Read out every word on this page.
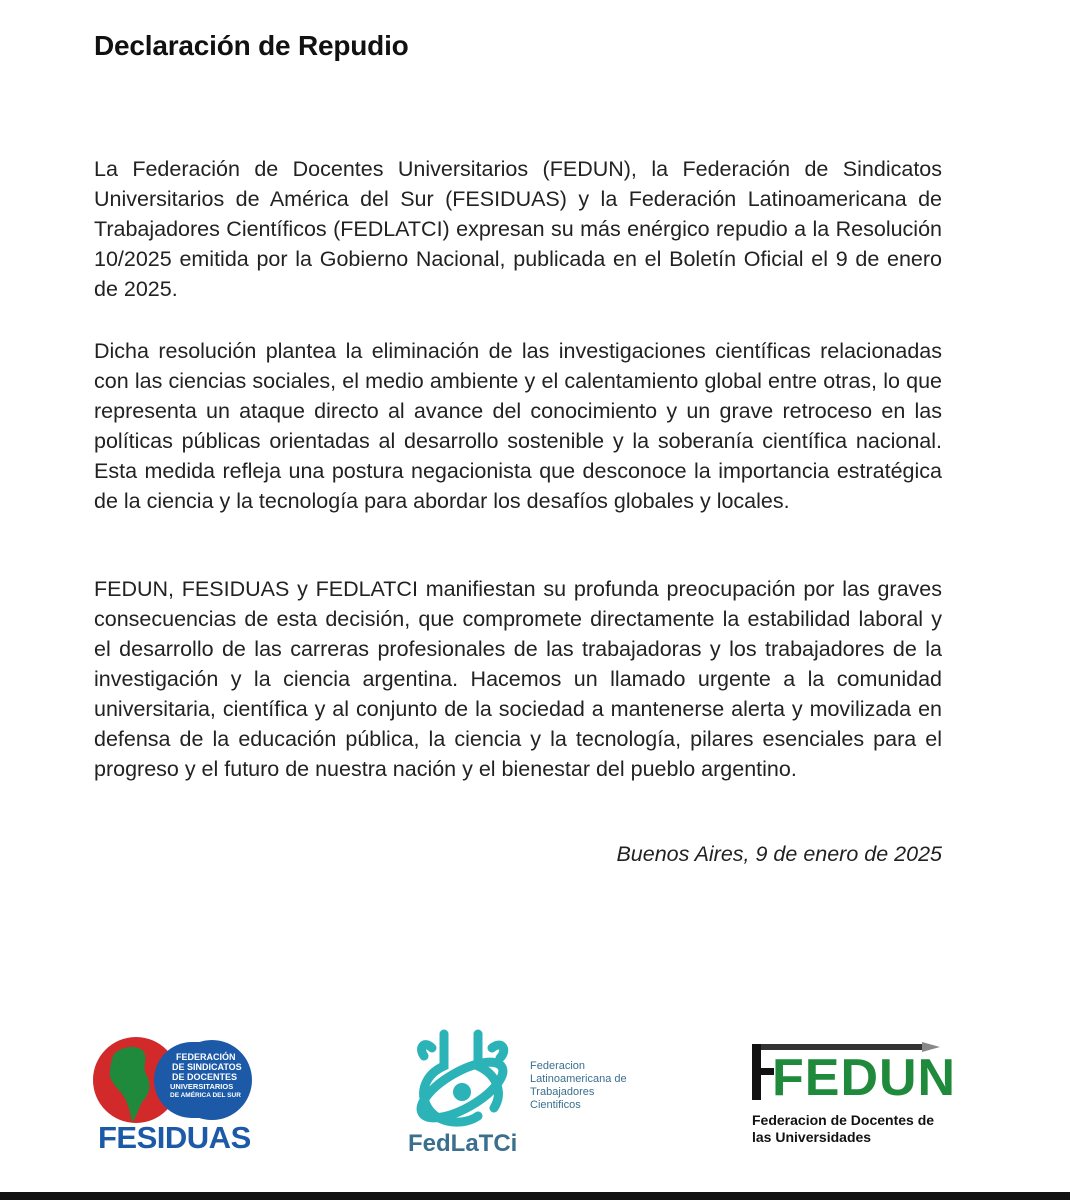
Declaración de Repudio

La Federación de Docentes Universitarios (FEDUN), la Federación de Sindicatos Universitarios de América del Sur (FESIDUAS) y la Federación Latinoamericana de Trabajadores Científicos (FEDLATCI) expresan su más enérgico repudio a la Resolución 10/2025 emitida por la Gobierno Nacional, publicada en el Boletín Oficial el 9 de enero de 2025.

Dicha resolución plantea la eliminación de las investigaciones científicas relacionadas con las ciencias sociales, el medio ambiente y el calentamiento global entre otras, lo que representa un ataque directo al avance del conocimiento y un grave retroceso en las políticas públicas orientadas al desarrollo sostenible y la soberanía científica nacional. Esta medida refleja una postura negacionista que desconoce la importancia estratégica de la ciencia y la tecnología para abordar los desafíos globales y locales.

FEDUN, FESIDUAS y FEDLATCI manifiestan su profunda preocupación por las graves consecuencias de esta decisión, que compromete directamente la estabilidad laboral y el desarrollo de las carreras profesionales de las trabajadoras y los trabajadores de la investigación y la ciencia argentina. Hacemos un llamado urgente a la comunidad universitaria, científica y al conjunto de la sociedad a mantenerse alerta y movilizada en defensa de la educación pública, la ciencia y la tecnología, pilares esenciales para el progreso y el futuro de nuestra nación y el bienestar del pueblo argentino.

Buenos Aires, 9 de enero de 2025

FEDERACIÓN
DE SINDICATOS
DE DOCENTES
UNIVERSITARIOS
DE AMÉRICA DEL SUR
FESIDUAS
Federacion Latinoamericana de Trabajadores Cientificos
FedLaTCi
FEDUN
Federacion de Docentes de las Universidades
